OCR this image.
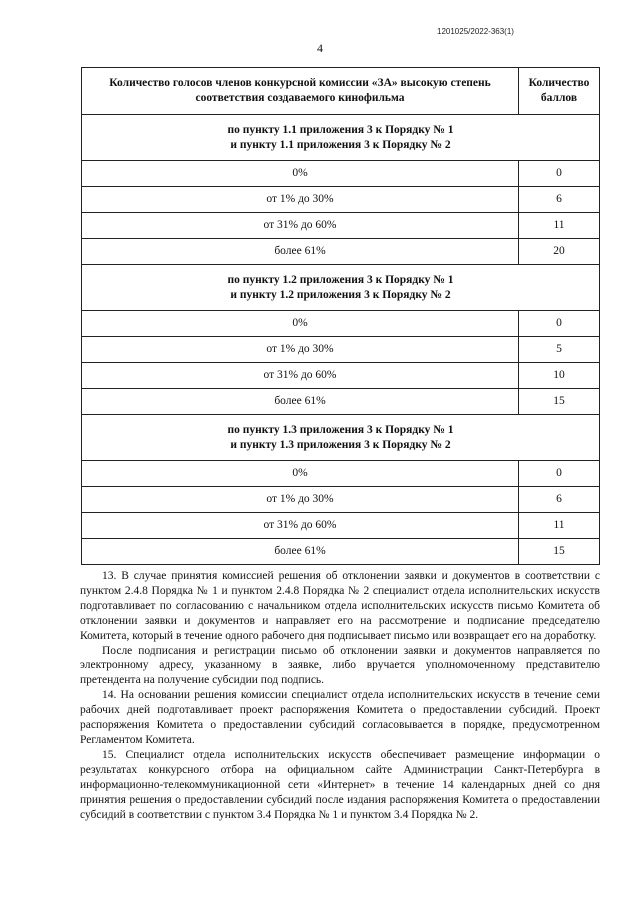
1201025/2022-363(1)
4
Количество голосов членов конкурсной комиссии «ЗА» высокую степень соответствия создаваемого кинофильма	Количество баллов

по пункту 1.1 приложения 3 к Порядку № 1
и пункту 1.1 приложения 3 к Порядку № 2	

0%	0
от 1% до 30%	6
от 31% до 60%	11
более 61%	20

по пункту 1.2 приложения 3 к Порядку № 1
и пункту 1.2 приложения 3 к Порядку № 2	

0%	0
от 1% до 30%	5
от 31% до 60%	10
более 61%	15

по пункту 1.3 приложения 3 к Порядку № 1
и пункту 1.3 приложения 3 к Порядку № 2	

0%	0
от 1% до 30%	6
от 31% до 60%	11
более 61%	15

13. В случае принятия комиссией решения об отклонении заявки и документов в соответствии с пунктом 2.4.8 Порядка № 1 и пунктом 2.4.8 Порядка № 2 специалист отдела исполнительских искусств подготавливает по согласованию с начальником отдела исполнительских искусств письмо Комитета об отклонении заявки и документов и направляет его на рассмотрение и подписание председателю Комитета, который в течение одного рабочего дня подписывает письмо или возвращает его на доработку.

После подписания и регистрации письмо об отклонении заявки и документов направляется по электронному адресу, указанному в заявке, либо вручается уполномоченному представителю претендента на получение субсидии под подпись.

14. На основании решения комиссии специалист отдела исполнительских искусств в течение семи рабочих дней подготавливает проект распоряжения Комитета о предоставлении субсидий. Проект распоряжения Комитета о предоставлении субсидий согласовывается в порядке, предусмотренном Регламентом Комитета.

15. Специалист отдела исполнительских искусств обеспечивает размещение информации о результатах конкурсного отбора на официальном сайте Администрации Санкт-Петербурга в информационно-телекоммуникационной сети «Интернет» в течение 14 календарных дней со дня принятия решения о предоставлении субсидий после издания распоряжения Комитета о предоставлении субсидий в соответствии с пунктом 3.4 Порядка № 1 и пунктом 3.4 Порядка № 2.
